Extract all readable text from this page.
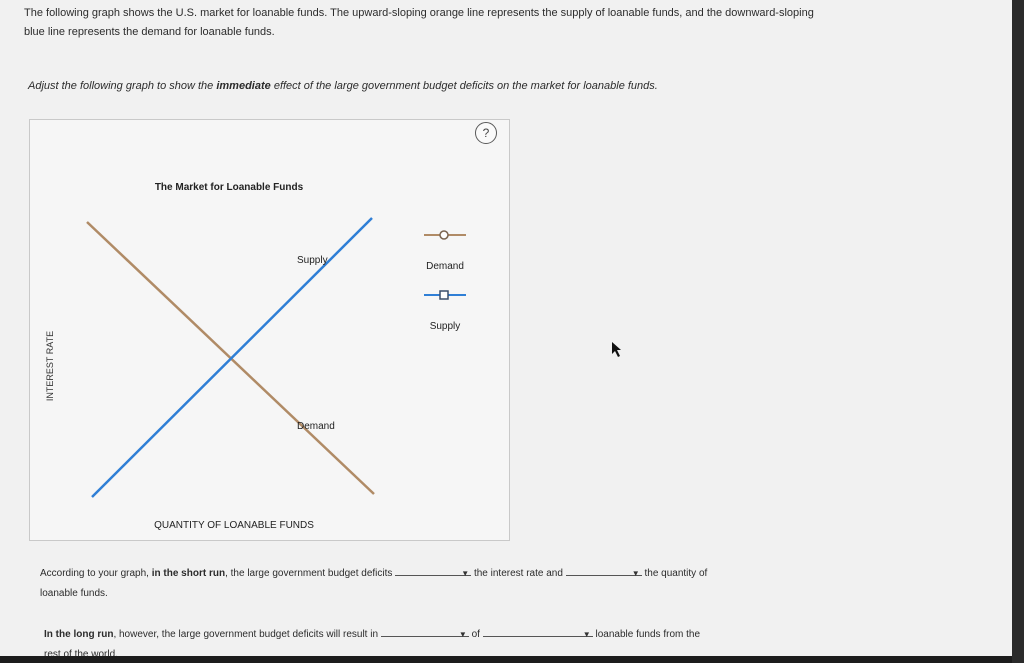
The following graph shows the U.S. market for loanable funds. The upward-sloping orange line represents the supply of loanable funds, and the downward-sloping blue line represents the demand for loanable funds.
Adjust the following graph to show the immediate effect of the large government budget deficits on the market for loanable funds.
?
The Market for Loanable Funds
INTEREST RATE
QUANTITY OF LOANABLE FUNDS
Supply
Demand
Demand
Supply
According to your graph, in the short run, the large government budget deficits	▼ the interest rate and	▼ the quantity of
loanable funds.
In the long run, however, the large government budget deficits will result in	▼ of	▼ loanable funds from the
rest of the world.
